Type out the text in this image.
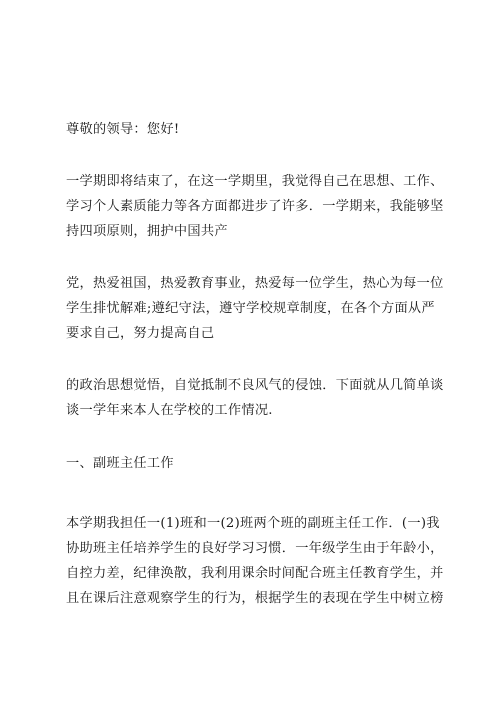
尊敬的领导：您好!

一学期即将结束了，在这一学期里，我觉得自己在思想、工作、
学习个人素质能力等各方面都进步了许多．一学期来，我能够坚
持四项原则，拥护中国共产

党，热爱祖国，热爱教育事业，热爱每一位学生，热心为每一位
学生排忧解难;遵纪守法，遵守学校规章制度，在各个方面从严
要求自己，努力提高自己

的政治思想觉悟，自觉抵制不良风气的侵蚀．下面就从几简单谈
谈一学年来本人在学校的工作情况.

一、副班主任工作

本学期我担任一(1)班和一(2)班两个班的副班主任工作．(一)我
协助班主任培养学生的良好学习习惯．一年级学生由于年龄小，
自控力差，纪律涣散，我利用课余时间配合班主任教育学生，并
且在课后注意观察学生的行为，根据学生的表现在学生中树立榜
